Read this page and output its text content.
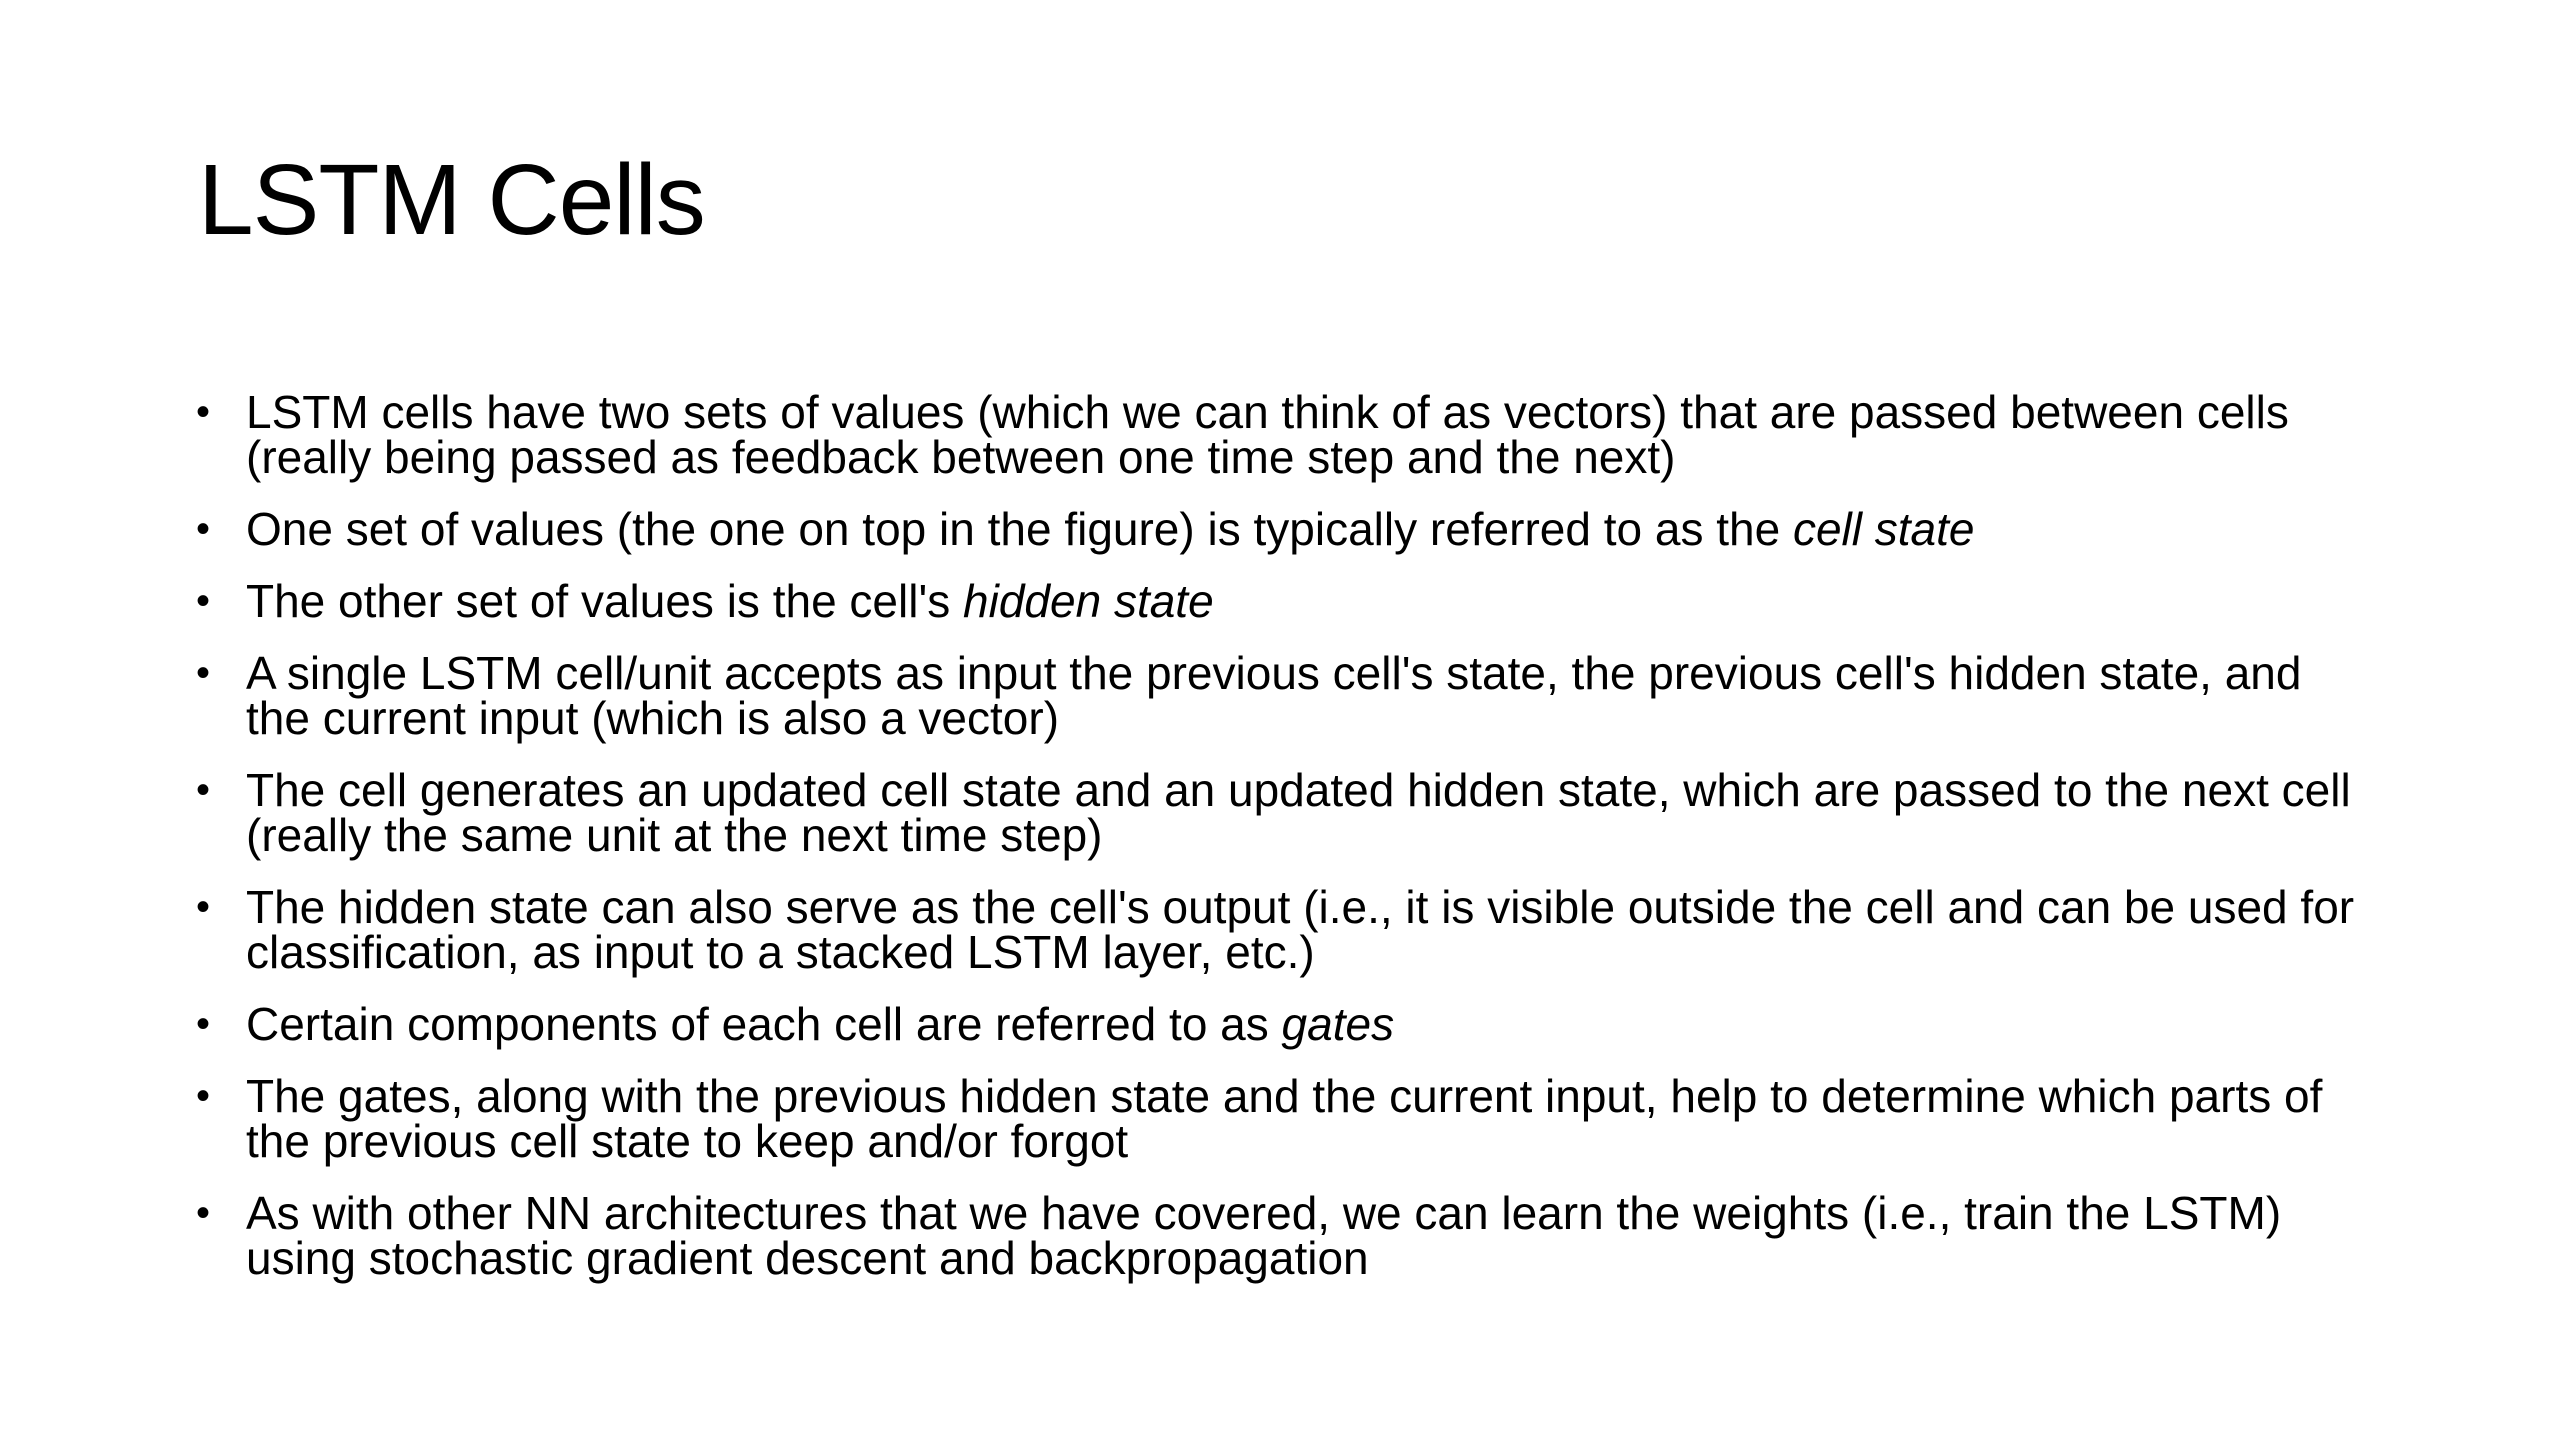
LSTM Cells
• LSTM cells have two sets of values (which we can think of as vectors) that are passed between cells (really being passed as feedback between one time step and the next)
• One set of values (the one on top in the figure) is typically referred to as the cell state
• The other set of values is the cell's hidden state
• A single LSTM cell/unit accepts as input the previous cell's state, the previous cell's hidden state, and the current input (which is also a vector)
• The cell generates an updated cell state and an updated hidden state, which are passed to the next cell (really the same unit at the next time step)
• The hidden state can also serve as the cell's output (i.e., it is visible outside the cell and can be used for classification, as input to a stacked LSTM layer, etc.)
• Certain components of each cell are referred to as gates
• The gates, along with the previous hidden state and the current input, help to determine which parts of the previous cell state to keep and/or forgot
• As with other NN architectures that we have covered, we can learn the weights (i.e., train the LSTM) using stochastic gradient descent and backpropagation
